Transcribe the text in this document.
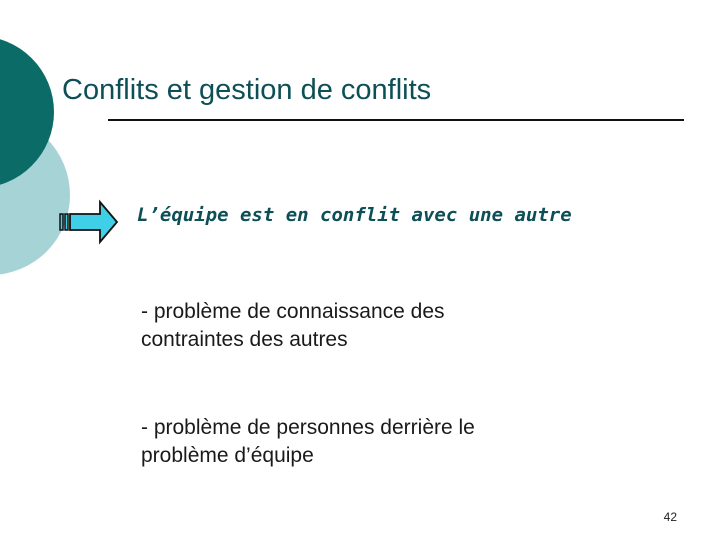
Conflits et gestion de conflits
L’équipe est en conflit avec une autre
- problème de connaissance des
contraintes des autres
- problème de personnes derrière le
problème d’équipe
42
